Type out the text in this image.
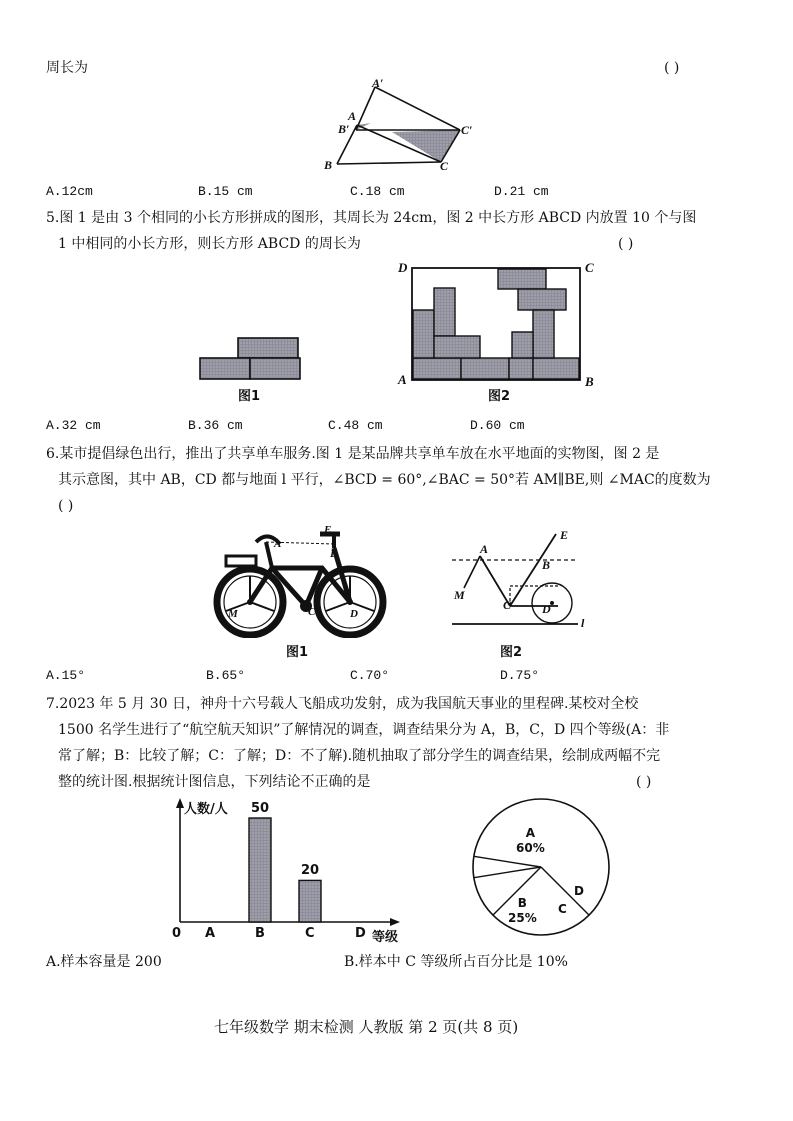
周长为	( )
A′
A
B′	C′
B	C
A.12cm	B.15 cm	C.18 cm	D.21 cm
5.图 1 是由 3 个相同的小长方形拼成的图形，其周长为 24cm，图 2 中长方形 ABCD 内放置 10 个与图
1 中相同的小长方形，则长方形 ABCD 的周长为	( )
图1
D	C
A	B
图2
A.32 cm	B.36 cm	C.48 cm	D.60 cm
6.某市提倡绿色出行，推出了共享单车服务.图 1 是某品牌共享单车放在水平地面的实物图，图 2 是
其示意图，其中 AB，CD 都与地面 l 平行，∠BCD = 60°,∠BAC = 50°若 AM∥BE,则 ∠MAC的度数为
( )
A
E
B
C
M	D
图1
A
E
B
M
C	D
l
图2
A.15°	B.65°	C.70°	D.75°
7.2023 年 5 月 30 日，神舟十六号载人飞船成功发射，成为我国航天事业的里程碑.某校对全校
1500 名学生进行了“航空航天知识”了解情况的调查，调查结果分为 A，B，C，D 四个等级(A：非
常了解；B：比较了解；C：了解；D：不了解).随机抽取了部分学生的调查结果，绘制成两幅不完
整的统计图.根据统计图信息，下列结论不正确的是	( )
人数/人
等级
0 A	B
50
C
20
D
A
60%
B
25%
C
D
A.样本容量是 200	B.样本中 C 等级所占百分比是 10%
七年级数学 期末检测 人教版 第 2 页(共 8 页)
